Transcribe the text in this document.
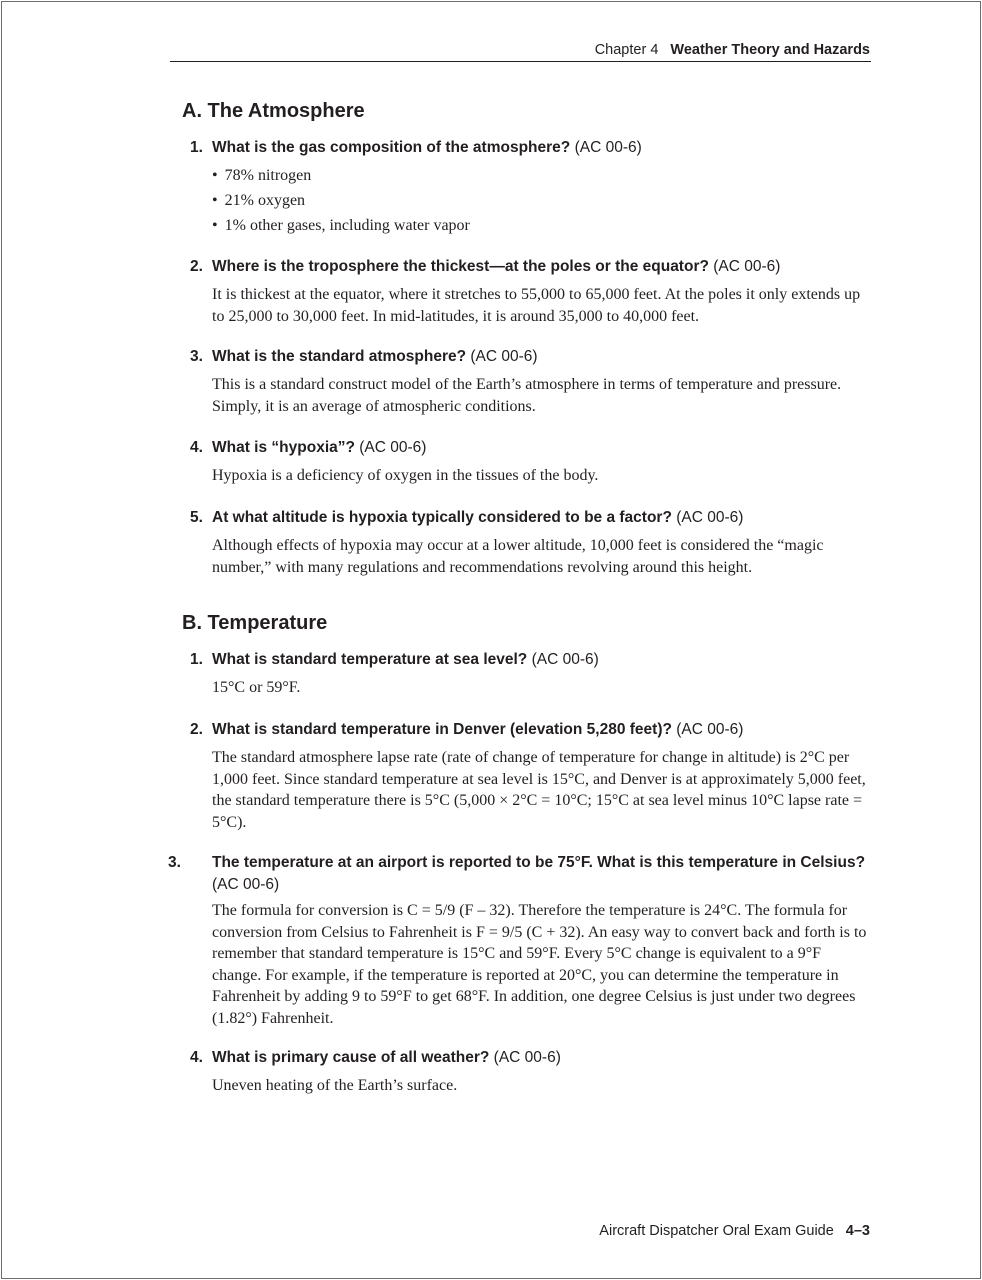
Chapter 4 Weather Theory and Hazards
A. The Atmosphere
1. What is the gas composition of the atmosphere? (AC 00-6)
• 78% nitrogen
• 21% oxygen
• 1% other gases, including water vapor
2. Where is the troposphere the thickest—at the poles or the equator? (AC 00-6)
It is thickest at the equator, where it stretches to 55,000 to 65,000 feet. At the poles it only extends up to 25,000 to 30,000 feet. In mid-latitudes, it is around 35,000 to 40,000 feet.
3. What is the standard atmosphere? (AC 00-6)
This is a standard construct model of the Earth’s atmosphere in terms of temperature and pressure. Simply, it is an average of atmospheric conditions.
4. What is “hypoxia”? (AC 00-6)
Hypoxia is a deficiency of oxygen in the tissues of the body.
5. At what altitude is hypoxia typically considered to be a factor? (AC 00-6)
Although effects of hypoxia may occur at a lower altitude, 10,000 feet is considered the “magic number,” with many regulations and recommendations revolving around this height.
B. Temperature
1. What is standard temperature at sea level? (AC 00-6)
15°C or 59°F.
2. What is standard temperature in Denver (elevation 5,280 feet)? (AC 00-6)
The standard atmosphere lapse rate (rate of change of temperature for change in altitude) is 2°C per 1,000 feet. Since standard temperature at sea level is 15°C, and Denver is at approximately 5,000 feet, the standard temperature there is 5°C (5,000 × 2°C = 10°C; 15°C at sea level minus 10°C lapse rate = 5°C).
3. The temperature at an airport is reported to be 75°F. What is this temperature in Celsius? (AC 00-6)
The formula for conversion is C = 5/9 (F – 32). Therefore the temperature is 24°C. The formula for conversion from Celsius to Fahrenheit is F = 9/5 (C + 32). An easy way to convert back and forth is to remember that standard temperature is 15°C and 59°F. Every 5°C change is equivalent to a 9°F change. For example, if the temperature is reported at 20°C, you can determine the temperature in Fahrenheit by adding 9 to 59°F to get 68°F. In addition, one degree Celsius is just under two degrees (1.82°) Fahrenheit.
4. What is primary cause of all weather? (AC 00-6)
Uneven heating of the Earth’s surface.
Aircraft Dispatcher Oral Exam Guide 4–3
